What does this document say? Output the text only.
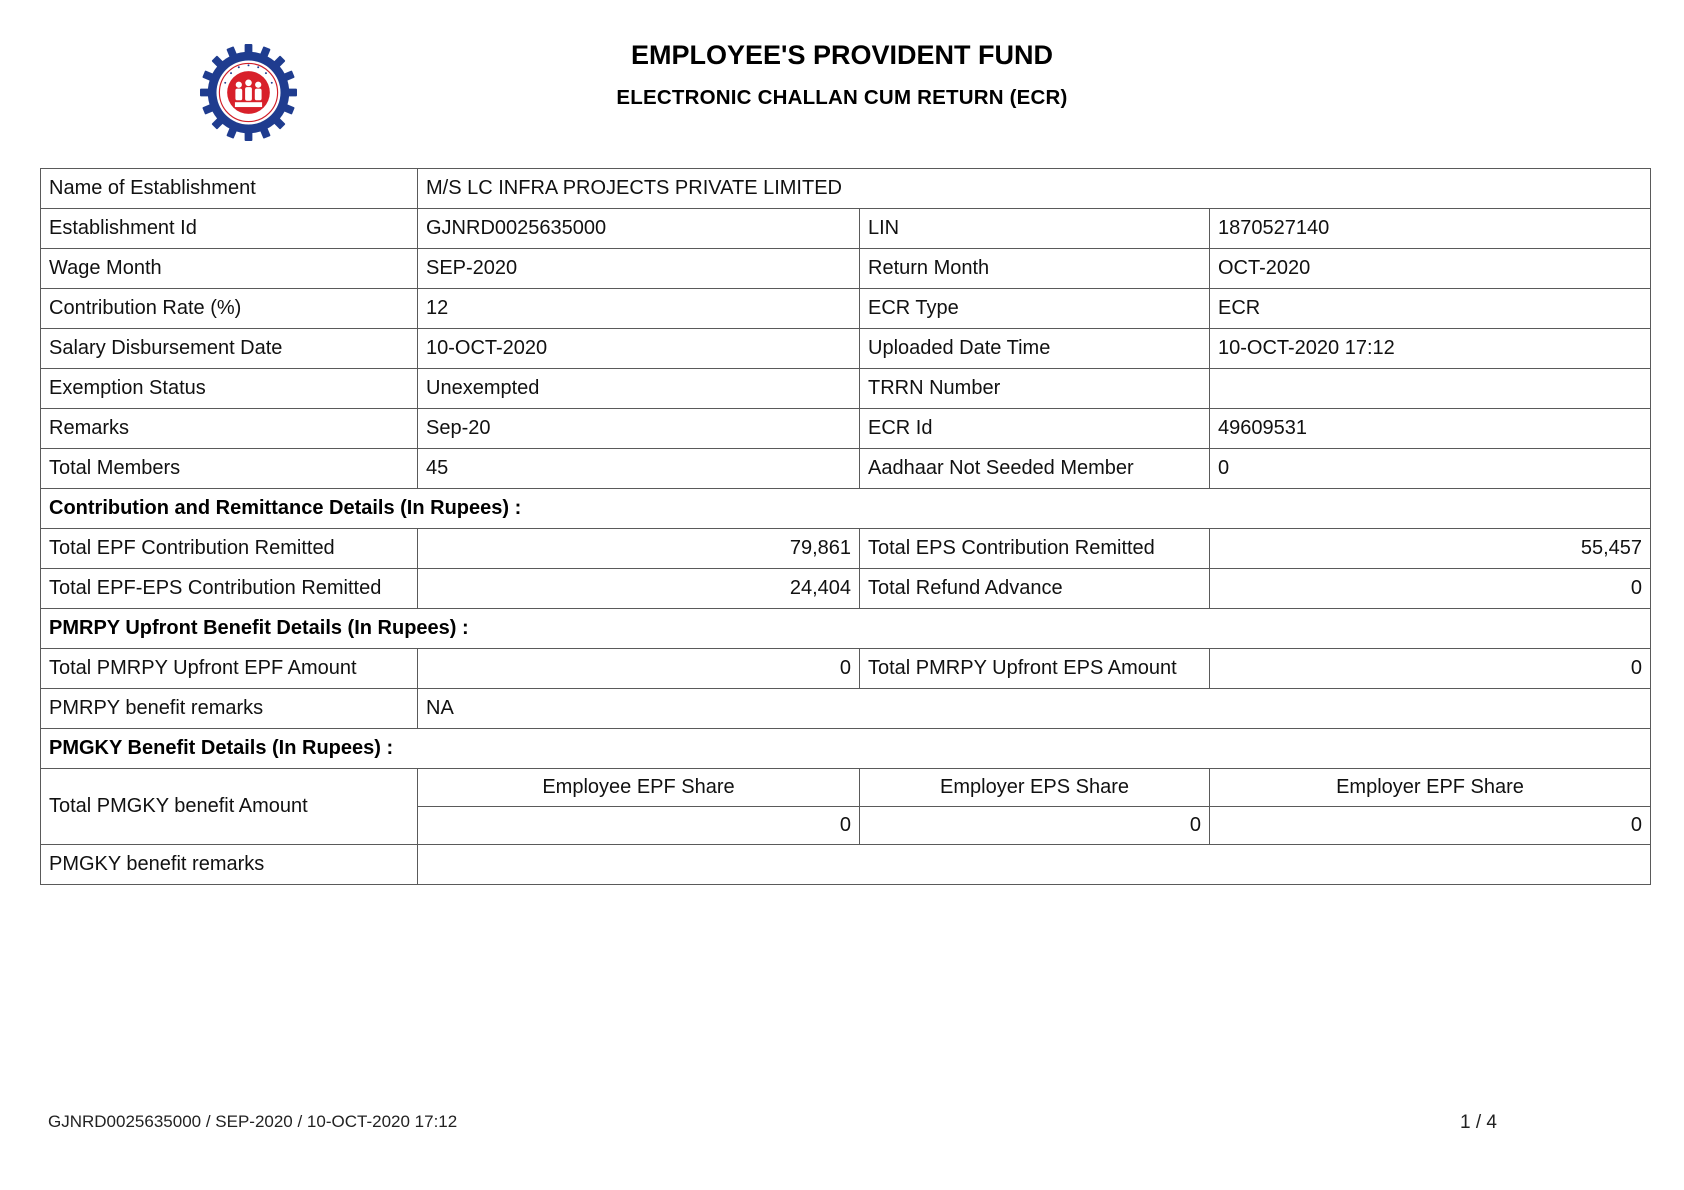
EMPLOYEE'S PROVIDENT FUND
ELECTRONIC CHALLAN CUM RETURN (ECR)
Name of Establishment	M/S LC INFRA PROJECTS PRIVATE LIMITED		
Establishment Id	GJNRD0025635000	LIN	1870527140
Wage Month	SEP-2020	Return Month	OCT-2020
Contribution Rate (%)	12	ECR Type	ECR
Salary Disbursement Date	10-OCT-2020	Uploaded Date Time	10-OCT-2020 17:12
Exemption Status	Unexempted	TRRN Number	
Remarks	Sep-20	ECR Id	49609531
Total Members	45	Aadhaar Not Seeded Member	0
Contribution and Remittance Details (In Rupees) :			
Total EPF Contribution Remitted	79,861	Total EPS Contribution Remitted	55,457
Total EPF-EPS Contribution Remitted	24,404	Total Refund Advance	0
PMRPY Upfront Benefit Details (In Rupees) :			
Total PMRPY Upfront EPF Amount	0	Total PMRPY Upfront EPS Amount	0
PMRPY benefit remarks	NA		
PMGKY Benefit Details (In Rupees) :			
Total PMGKY benefit Amount	Employee EPF Share	Employer EPS Share	Employer EPF Share
	0	0	0
PMGKY benefit remarks			
GJNRD0025635000 / SEP-2020 / 10-OCT-2020 17:12	1 / 4
